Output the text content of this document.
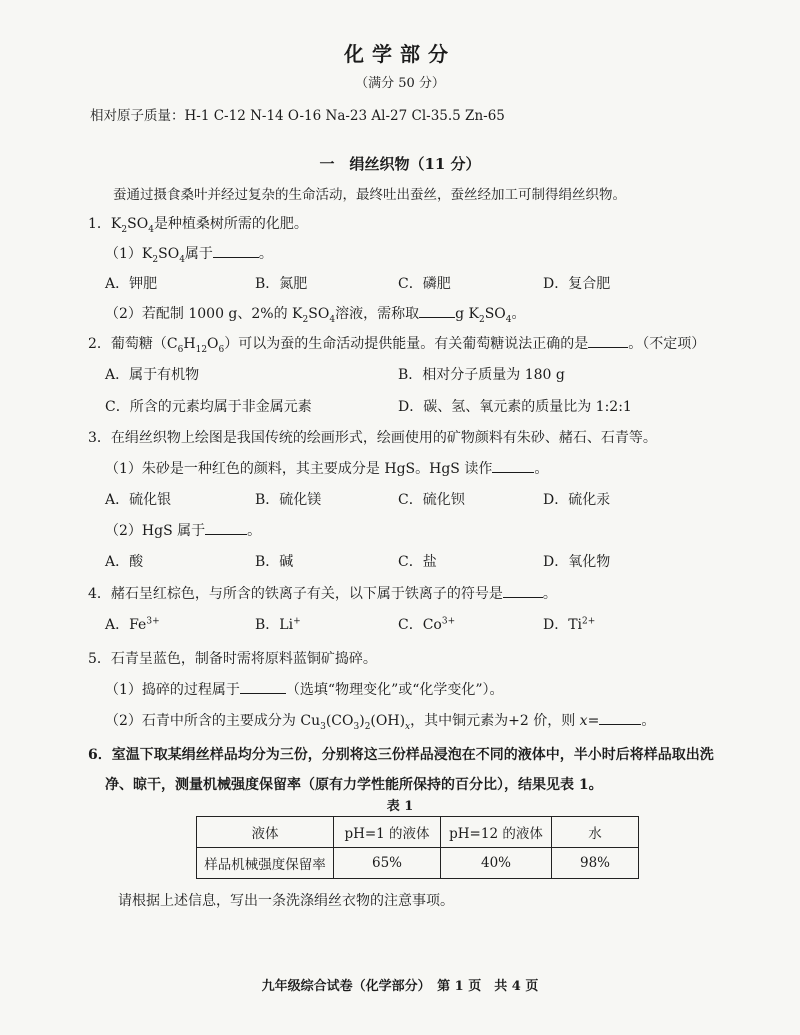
化学部分
（满分 50 分）
相对原子质量：H-1 C-12 N-14 O-16 Na-23 Al-27 Cl-35.5 Zn-65
一　绢丝织物（11 分）
蚕通过摄食桑叶并经过复杂的生命活动，最终吐出蚕丝，蚕丝经加工可制得绢丝织物。
1．$K_2SO_4$是种植桑树所需的化肥。
$(1)K_2SO_4$属于	。
A．钾肥	B．氮肥	C．磷肥	D．复合肥
（2）若配制 1000 g、2%的 $K_2SO_4$溶液，需称取	g $K_2SO_4$。
2．葡萄糖$(C_6H_{12}O_6)$可以为蚕的生命活动提供能量。有关葡萄糖说法正确的是	。（不定项）
A．属于有机物	B．相对分子质量为 180 g
C．所含的元素均属于非金属元素	D．碳、氢、氧元素的质量比为 1:2:1
3．在绢丝织物上绘图是我国传统的绘画形式，绘画使用的矿物颜料有朱砂、赭石、石青等。
（1）朱砂是一种红色的颜料，其主要成分是 HgS。HgS 读作	。
A．硫化银	B．硫化镁	C．硫化钡	D．硫化汞
（2）HgS 属于	。
A．酸	B．碱	C．盐	D．氧化物
4．赭石呈红棕色，与所含的铁离子有关，以下属于铁离子的符号是	。
A．$Fe^{3+}$	B．Li+	C．$Co^{3+}$	D．$Ti^{2+}$
5．石青呈蓝色，制备时需将原料蓝铜矿捣碎。
（1）捣碎的过程属于	（选填“物理变化”或“化学变化”）。
（2）石青中所含的主要成分为 $Cu_3(CO_3)_2(OH)_x$，其中铜元素为+2 价，则 x=	。
6．室温下取某绢丝样品均分为三份，分别将这三份样品浸泡在不同的液体中，半小时后将样品取出洗
净、晾干，测量机械强度保留率（原有力学性能所保持的百分比），结果见表 1。
表 1
液体	pH=1 的液体	pH=12 的液体	水
样品机械强度保留率	65%	40%	98%
请根据上述信息，写出一条洗涤绢丝衣物的注意事项。
九年级综合试卷（化学部分）　第 1 页　共 4 页
